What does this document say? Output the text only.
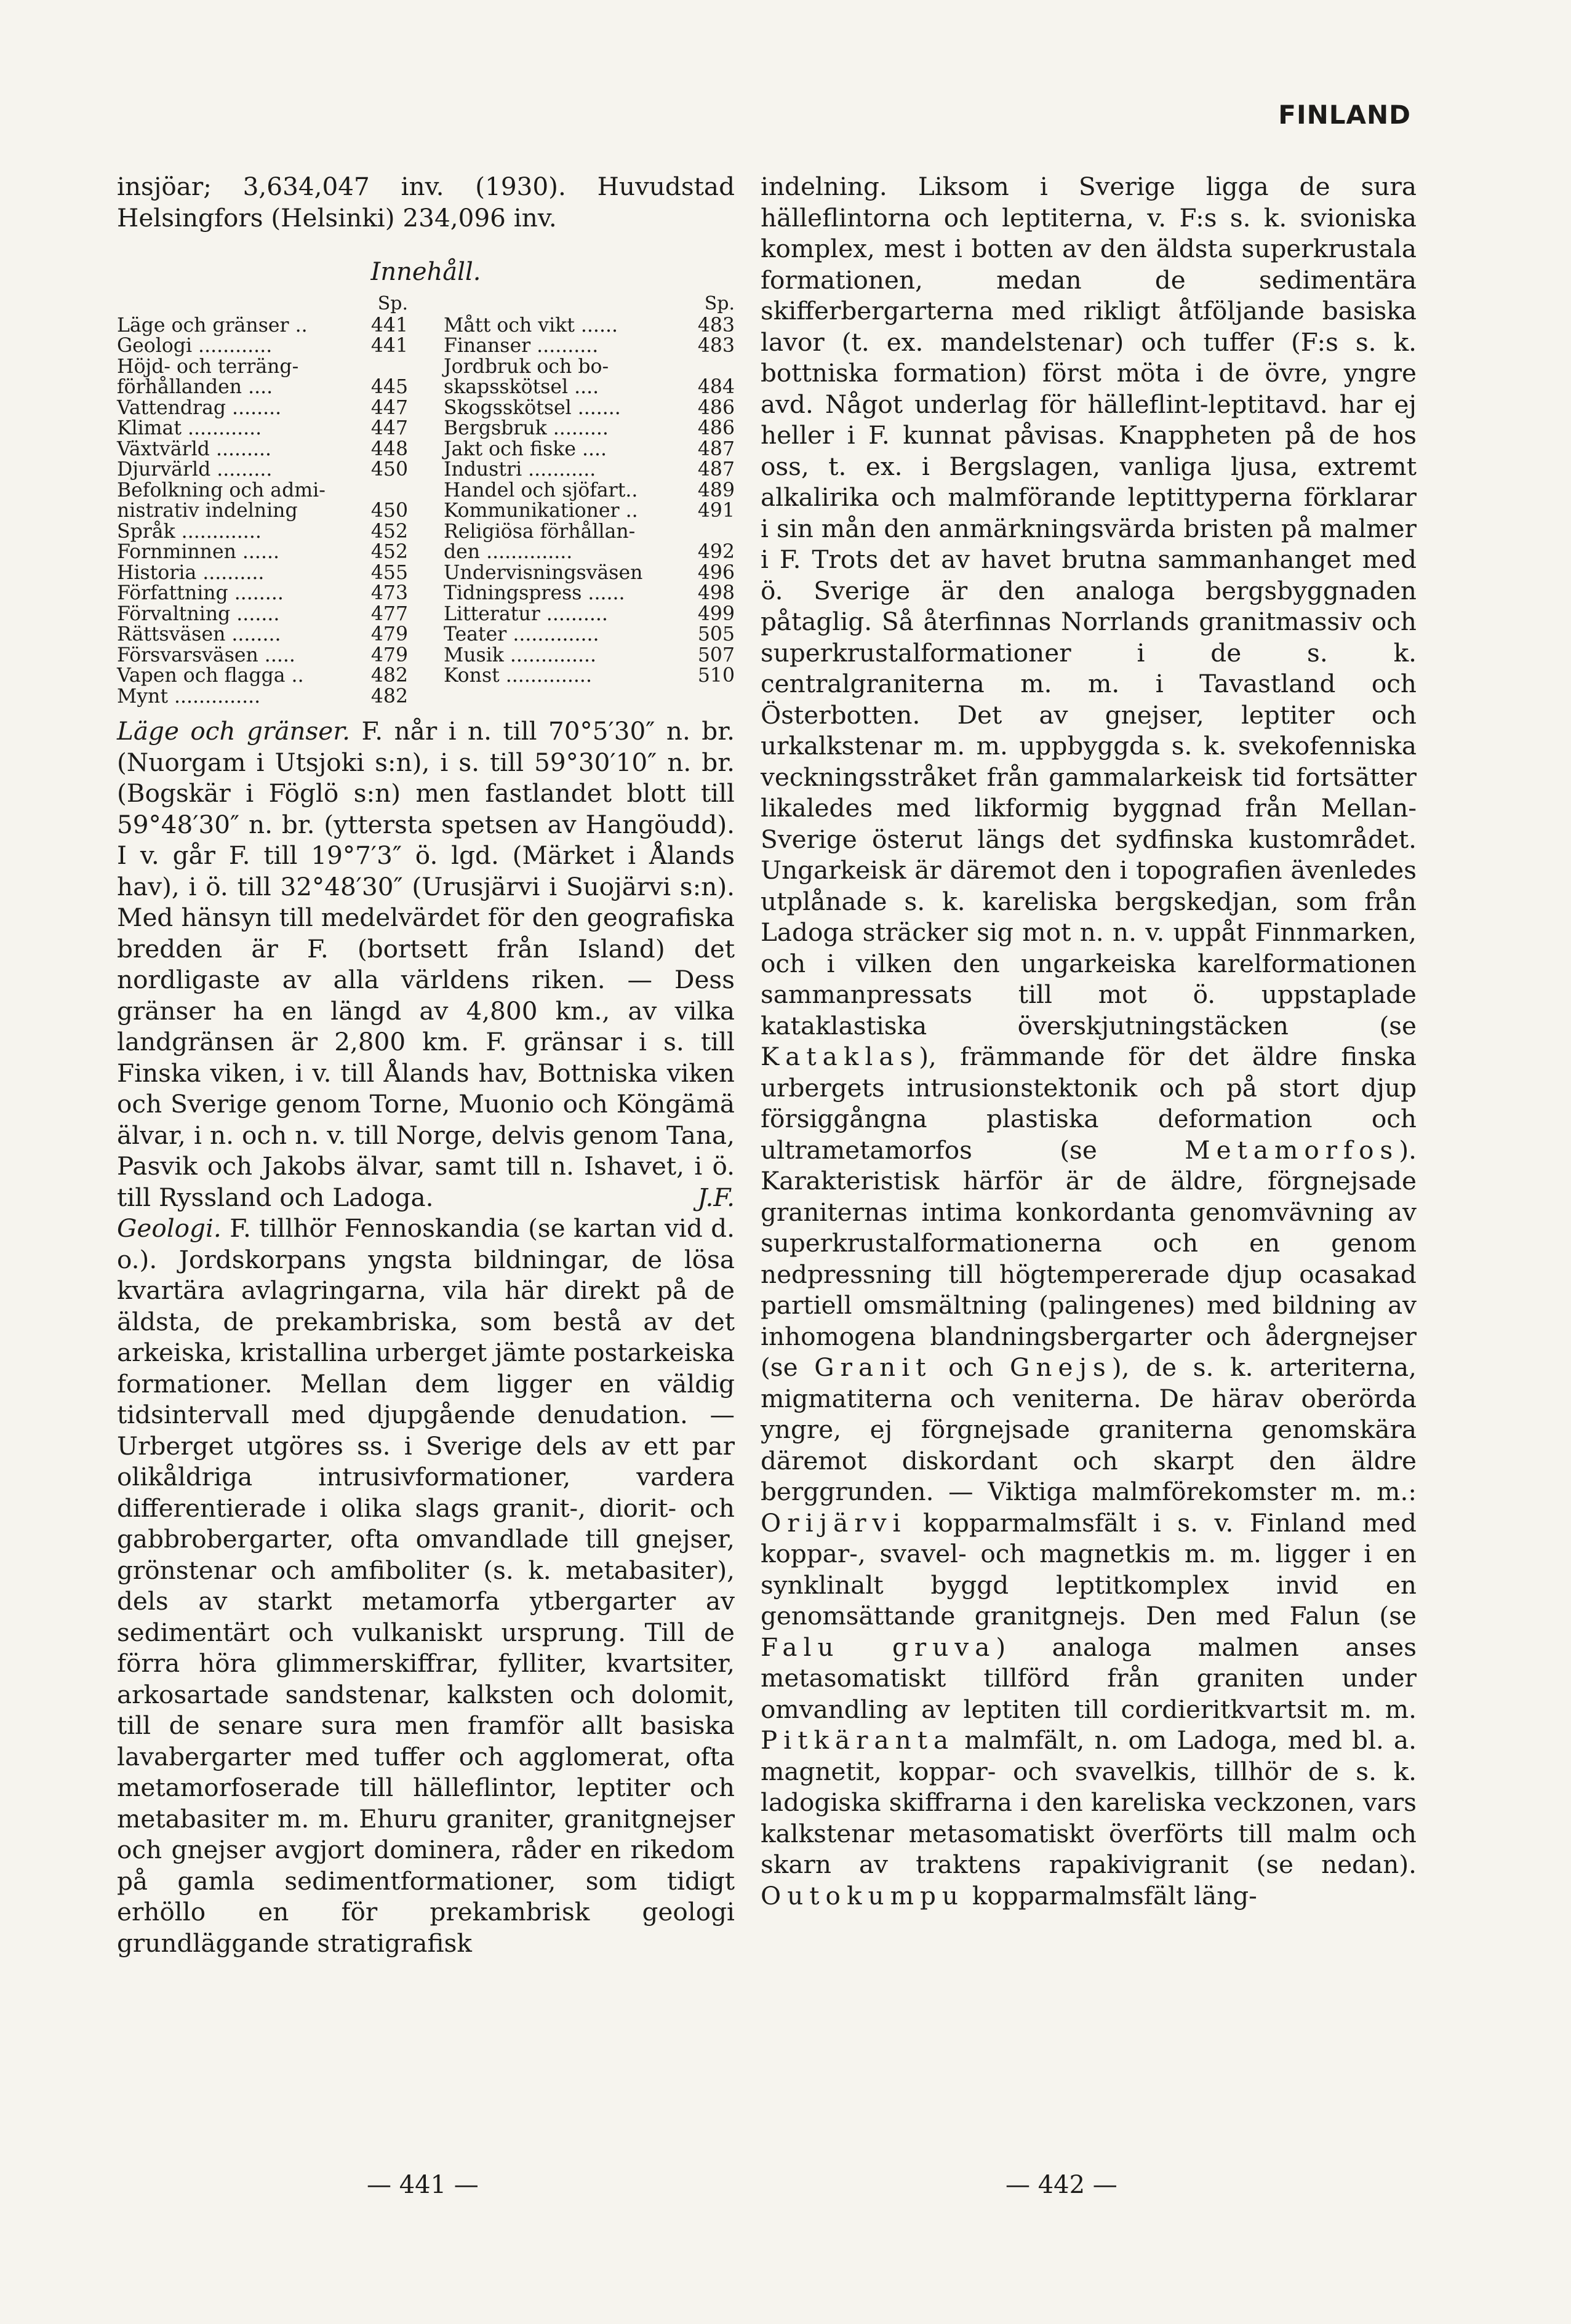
FINLAND

insjöar; 3,634,047 inv. (1930). Huvudstad Helsingfors (Helsinki) 234,096 inv.

Innehåll.
Sp.
Läge och gränser ..	441
Geologi ............	441
Höjd- och terräng-
förhållanden ....	445
Vattendrag ........	447
Klimat ............	447
Växtvärld .........	448
Djurvärld .........	450
Befolkning och admi-
nistrativ indelning	450
Språk .............	452
Fornminnen ......	452
Historia ..........	455
Författning ........	473
Förvaltning .......	477
Rättsväsen ........	479
Försvarsväsen .....	479
Vapen och flagga ..	482
Mynt ..............	482
Sp.
Mått och vikt ......	483
Finanser ..........	483
Jordbruk och bo-
skapsskötsel ....	484
Skogsskötsel .......	486
Bergsbruk .........	486
Jakt och fiske ....	487
Industri ...........	487
Handel och sjöfart..	489
Kommunikationer ..	491
Religiösa förhållan-
den ..............	492
Undervisningsväsen	496
Tidningspress ......	498
Litteratur ..........	499
Teater ..............	505
Musik ..............	507
Konst ..............	510

Läge och gränser. F. når i n. till 70°5′30″ n. br. (Nuorgam i Utsjoki s:n), i s. till 59°30′10″ n. br. (Bogskär i Föglö s:n) men fastlandet blott till 59°48′30″ n. br. (yttersta spetsen av Hangöudd). I v. går F. till 19°7′3″ ö. lgd. (Märket i Ålands hav), i ö. till 32°48′30″ (Urusjärvi i Suojärvi s:n). Med hänsyn till medelvärdet för den geografiska bredden är F. (bortsett från Island) det nordligaste av alla världens riken. — Dess gränser ha en längd av 4,800 km., av vilka landgränsen är 2,800 km. F. gränsar i s. till Finska viken, i v. till Ålands hav, Bottniska viken och Sverige genom Torne, Muonio och Köngämä älvar, i n. och n. v. till Norge, delvis genom Tana, Pasvik och Jakobs älvar, samt till n. Ishavet, i ö. till Ryssland och Ladoga.	J.F.

Geologi. F. tillhör Fennoskandia (se kartan vid d. o.). Jordskorpans yngsta bildningar, de lösa kvartära avlagringarna, vila här direkt på de äldsta, de prekambriska, som bestå av det arkeiska, kristallina urberget jämte postarkeiska formationer. Mellan dem ligger en väldig tidsintervall med djupgående denudation. — Urberget utgöres ss. i Sverige dels av ett par olikåldriga intrusivformationer, vardera differentierade i olika slags granit-, diorit- och gabbrobergarter, ofta omvandlade till gnejser, grönstenar och amfiboliter (s. k. metabasiter), dels av starkt metamorfa ytbergarter av sedimentärt och vulkaniskt ursprung. Till de förra höra glimmerskiffrar, fylliter, kvartsiter, arkosartade sandstenar, kalksten och dolomit, till de senare sura men framför allt basiska lavabergarter med tuffer och agglomerat, ofta metamorfoserade till hälleflintor, leptiter och metabasiter m. m. Ehuru graniter, granitgnejser och gnejser avgjort dominera, råder en rikedom på gamla sedimentformationer, som tidigt erhöllo en för prekambrisk geologi grundläggande stratigrafisk

indelning. Liksom i Sverige ligga de sura hälleflintorna och leptiterna, v. F:s s. k. svioniska komplex, mest i botten av den äldsta superkrustala formationen, medan de sedimentära skifferbergarterna med rikligt åtföljande basiska lavor (t. ex. mandelstenar) och tuffer (F:s s. k. bottniska formation) först möta i de övre, yngre avd. Något underlag för hälleflint-leptitavd. har ej heller i F. kunnat påvisas. Knappheten på de hos oss, t. ex. i Bergslagen, vanliga ljusa, extremt alkalirika och malmförande leptittyperna förklarar i sin mån den anmärkningsvärda bristen på malmer i F. Trots det av havet brutna sammanhanget med ö. Sverige är den analoga bergsbyggnaden påtaglig. Så återfinnas Norrlands granitmassiv och superkrustalformationer i de s. k. centralgraniterna m. m. i Tavastland och Österbotten. Det av gnejser, leptiter och urkalkstenar m. m. uppbyggda s. k. svekofenniska veckningsstråket från gammalarkeisk tid fortsätter likaledes med likformig byggnad från Mellan-Sverige österut längs det sydfinska kustområdet. Ungarkeisk är däremot den i topografien ävenledes utplånade s. k. kareliska bergskedjan, som från Ladoga sträcker sig mot n. n. v. uppåt Finnmarken, och i vilken den ungarkeiska karelformationen sammanpressats till mot ö. uppstaplade kataklastiska överskjutningstäcken (se Kataklas), främmande för det äldre finska urbergets intrusionstektonik och på stort djup försiggångna plastiska deformation och ultrametamorfos (se	Metamorfos). Karakteristisk härför är de äldre, förgnejsade graniternas intima konkordanta genomvävning av superkrustalformationerna och en genom nedpressning till högtempererade djup ocasakad partiell omsmältning (palingenes) med bildning av inhomogena blandningsbergarter och ådergnejser (se Granit och Gnejs), de s. k. arteriterna, migmatiterna och veniterna. De härav oberörda yngre, ej förgnejsade graniterna genomskära däremot diskordant och skarpt den äldre berggrunden. — Viktiga malmförekomster m. m.: Orijärvi kopparmalmsfält i s. v. Finland med koppar-, svavel- och magnetkis m. m. ligger i en synklinalt byggd leptitkomplex invid en genomsättande granitgnejs. Den med Falun (se Falu gruva) analoga malmen anses metasomatiskt tillförd från graniten under omvandling av leptiten till cordieritkvartsit m. m. Pitkäranta malmfält, n. om Ladoga, med bl. a. magnetit, koppar- och svavelkis, tillhör de s. k. ladogiska skiffrarna i den kareliska veckzonen, vars kalkstenar metasomatiskt överförts till malm och skarn av traktens rapakivigranit (se nedan). Outokumpu kopparmalmsfält läng-

— 441 —	— 442 —
